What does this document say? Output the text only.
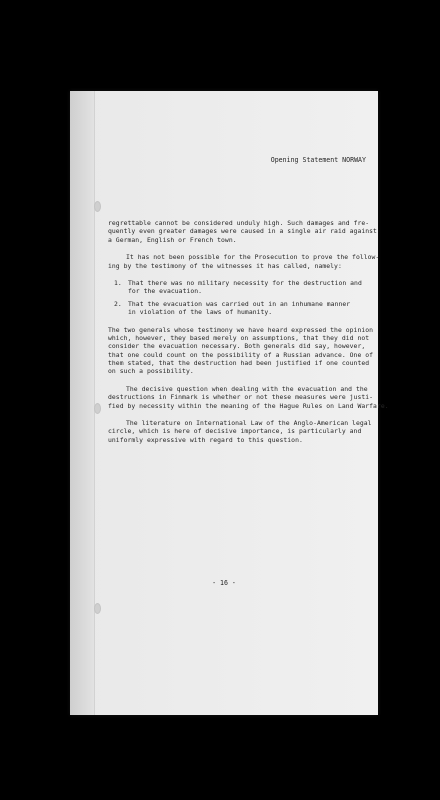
Opening Statement NORWAY
regrettable cannot be considered unduly high. Such damages and fre-
quently even greater damages were caused in a single air raid against
a German, English or French town.
It has not been possible for the Prosecution to prove the follow-
ing by the testimony of the witnesses it has called, namely:
1. That there was no military necessity for the destruction and
for the evacuation.
2. That the evacuation was carried out in an inhumane manner
in violation of the laws of humanity.
The two generals whose testimony we have heard expressed the opinion
which, however, they based merely on assumptions, that they did not
consider the evacuation necessary. Both generals did say, however,
that one could count on the possibility of a Russian advance. One of
them stated, that the destruction had been justified if one counted
on such a possibility.
The decisive question when dealing with the evacuation and the
destructions in Finmark is whether or not these measures were justi-
fied by necessity within the meaning of the Hague Rules on Land Warfare.
The literature on International Law of the Anglo-American legal
circle, which is here of decisive importance, is particularly and
uniformly expressive with regard to this question.
- 16 -
